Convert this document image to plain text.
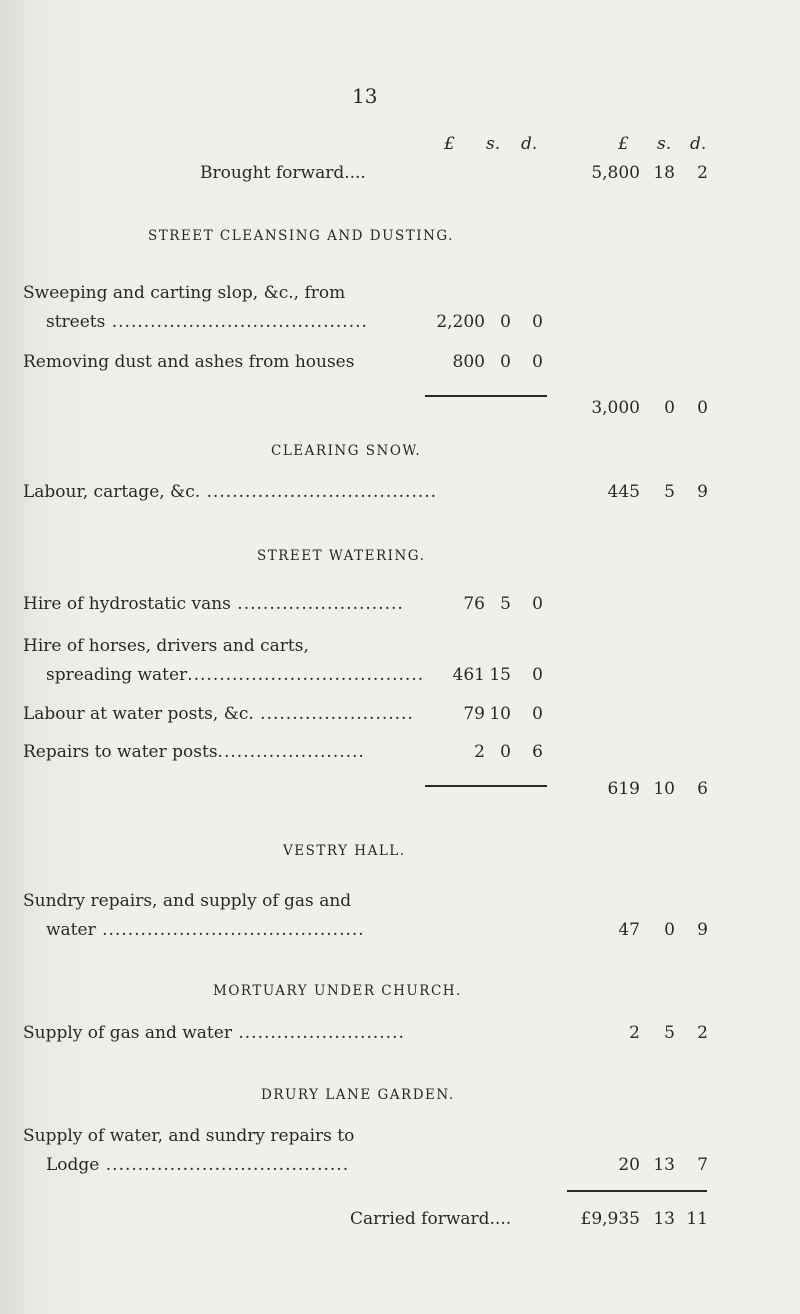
13
£ s. d.	£ s. d.
Brought forward....	5,800 18 2
STREET CLEANSING AND DUSTING.
Sweeping and carting slop, &c., from
streets ........................................	2,200 0 0
Removing dust and ashes from houses	800 0 0
3,000 0 0
CLEARING SNOW.
Labour, cartage, &c. ....................................	445 5 9
STREET WATERING.
Hire of hydrostatic vans ..........................	76 5 0
Hire of horses, drivers and carts,
spreading water..................................... 461 15 0
Labour at water posts, &c. ........................	79 10 0
Repairs to water posts.......................	2 0 6
619 10 6
VESTRY HALL.
Sundry repairs, and supply of gas and
water .........................................	47 0 9
MORTUARY UNDER CHURCH.
Supply of gas and water ..........................	2 5 2
DRURY LANE GARDEN.
Supply of water, and sundry repairs to
Lodge ......................................	20 13 7
Carried forward....	£9,935 13 11
